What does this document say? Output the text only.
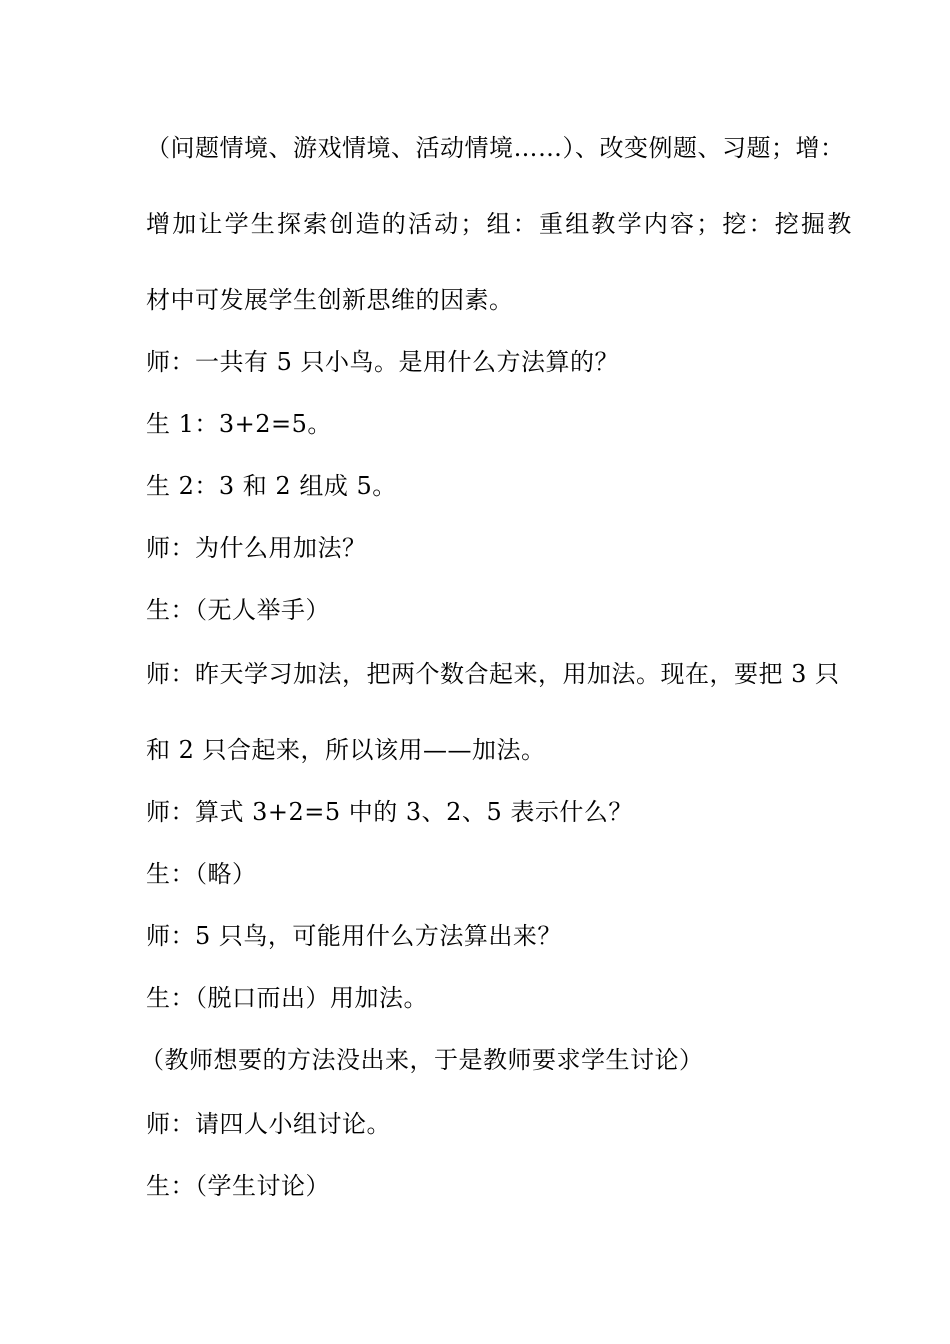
（问题情境、游戏情境、活动情境……）、改变例题、习题；增：
增加让学生探索创造的活动；组：重组教学内容；挖：挖掘教
材中可发展学生创新思维的因素。
师：一共有 5 只小鸟。是用什么方法算的？
生 1：3+2=5。
生 2：3 和 2 组成 5。
师：为什么用加法？
生：（无人举手）
师：昨天学习加法，把两个数合起来，用加法。现在，要把 3 只
和 2 只合起来，所以该用——加法。
师：算式 3+2=5 中的 3、2、5 表示什么？
生：（略）
师：5 只鸟，可能用什么方法算出来？
生：（脱口而出）用加法。
（教师想要的方法没出来，于是教师要求学生讨论）
师：请四人小组讨论。
生：（学生讨论）
